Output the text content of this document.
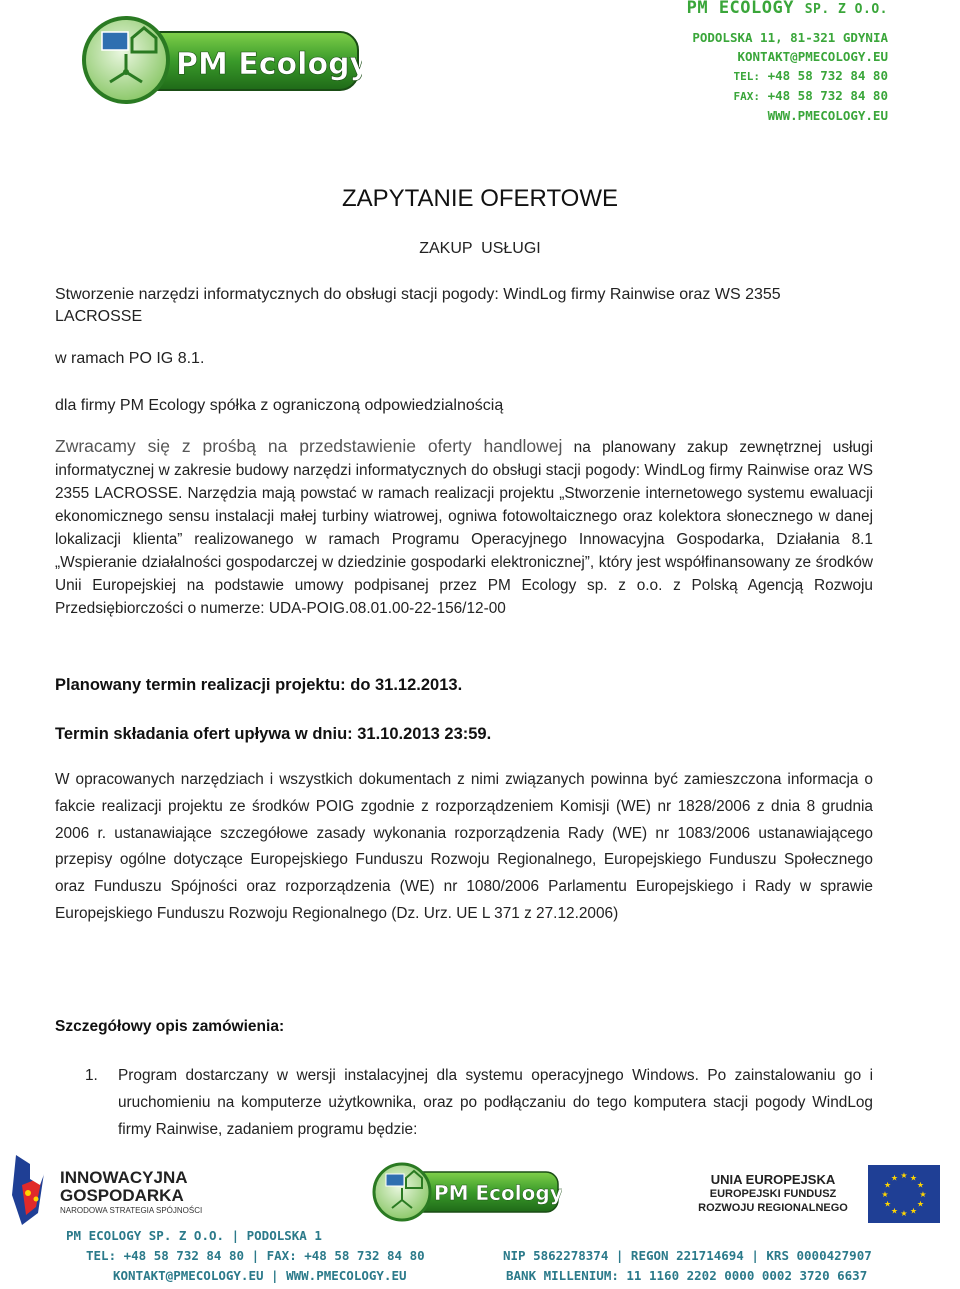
PM Ecology
PM ECOLOGY SP. Z O.O.
PODOLSKA 11, 81-321 GDYNIA
KONTAKT@PMECOLOGY.EU
TEL: +48 58 732 84 80
FAX: +48 58 732 84 80
WWW.PMECOLOGY.EU
ZAPYTANIE OFERTOWE
ZAKUP  USŁUGI
Stworzenie narzędzi informatycznych do obsługi stacji pogody: WindLog firmy Rainwise oraz WS 2355
LACROSSE
w ramach PO IG 8.1.
dla firmy PM Ecology spółka z ograniczoną odpowiedzialnością
Zwracamy się z prośbą na przedstawienie oferty handlowej na planowany zakup zewnętrznej usługi informatycznej w zakresie budowy narzędzi informatycznych do obsługi stacji pogody: WindLog firmy Rainwise oraz WS 2355 LACROSSE. Narzędzia mają powstać w ramach realizacji projektu „Stworzenie internetowego systemu ewaluacji ekonomicznego sensu instalacji małej turbiny wiatrowej, ogniwa fotowoltaicznego oraz kolektora słonecznego w danej lokalizacji klienta” realizowanego w ramach Programu Operacyjnego Innowacyjna Gospodarka, Działania 8.1 „Wspieranie działalności gospodarczej w dziedzinie gospodarki elektronicznej”, który jest współfinansowany ze środków Unii Europejskiej na podstawie umowy podpisanej przez PM Ecology sp. z o.o. z Polską Agencją Rozwoju Przedsiębiorczości o numerze: UDA-POIG.08.01.00-22-156/12-00
Planowany termin realizacji projektu: do 31.12.2013.
Termin składania ofert upływa w dniu: 31.10.2013 23:59.
W opracowanych narzędziach i wszystkich dokumentach z nimi związanych powinna być zamieszczona informacja o fakcie realizacji projektu ze środków POIG zgodnie z rozporządzeniem Komisji (WE) nr 1828/2006 z dnia 8 grudnia 2006 r. ustanawiające szczegółowe zasady wykonania rozporządzenia Rady (WE) nr 1083/2006 ustanawiającego przepisy ogólne dotyczące Europejskiego Funduszu Rozwoju Regionalnego, Europejskiego Funduszu Społecznego oraz Funduszu Spójności oraz rozporządzenia (WE) nr 1080/2006 Parlamentu Europejskiego i Rady w sprawie Europejskiego Funduszu Rozwoju Regionalnego (Dz. Urz. UE L 371 z 27.12.2006)
Szczegółowy opis zamówienia:
1. Program dostarczany w wersji instalacyjnej dla systemu operacyjnego Windows. Po zainstalowaniu go i uruchomieniu na komputerze użytkownika, oraz po podłączaniu do tego komputera stacji pogody WindLog firmy Rainwise, zadaniem programu będzie:
INNOWACYJNA
GOSPODARKA
NARODOWA STRATEGIA SPÓJNOŚCI
PM Ecology
UNIA EUROPEJSKA
EUROPEJSKI FUNDUSZ
ROZWOJU REGIONALNEGO
★
★
★
★
★
★
★
★
★ ★ ★
★
PM ECOLOGY SP. Z O.O. | PODOLSKA 1
TEL: +48 58 732 84 80 | FAX: +48 58 732 84 80	NIP 5862278374 | REGON 221714694 | KRS 0000427907
KONTAKT@PMECOLOGY.EU | WWW.PMECOLOGY.EU	BANK MILLENIUM: 11 1160 2202 0000 0002 3720 6637
